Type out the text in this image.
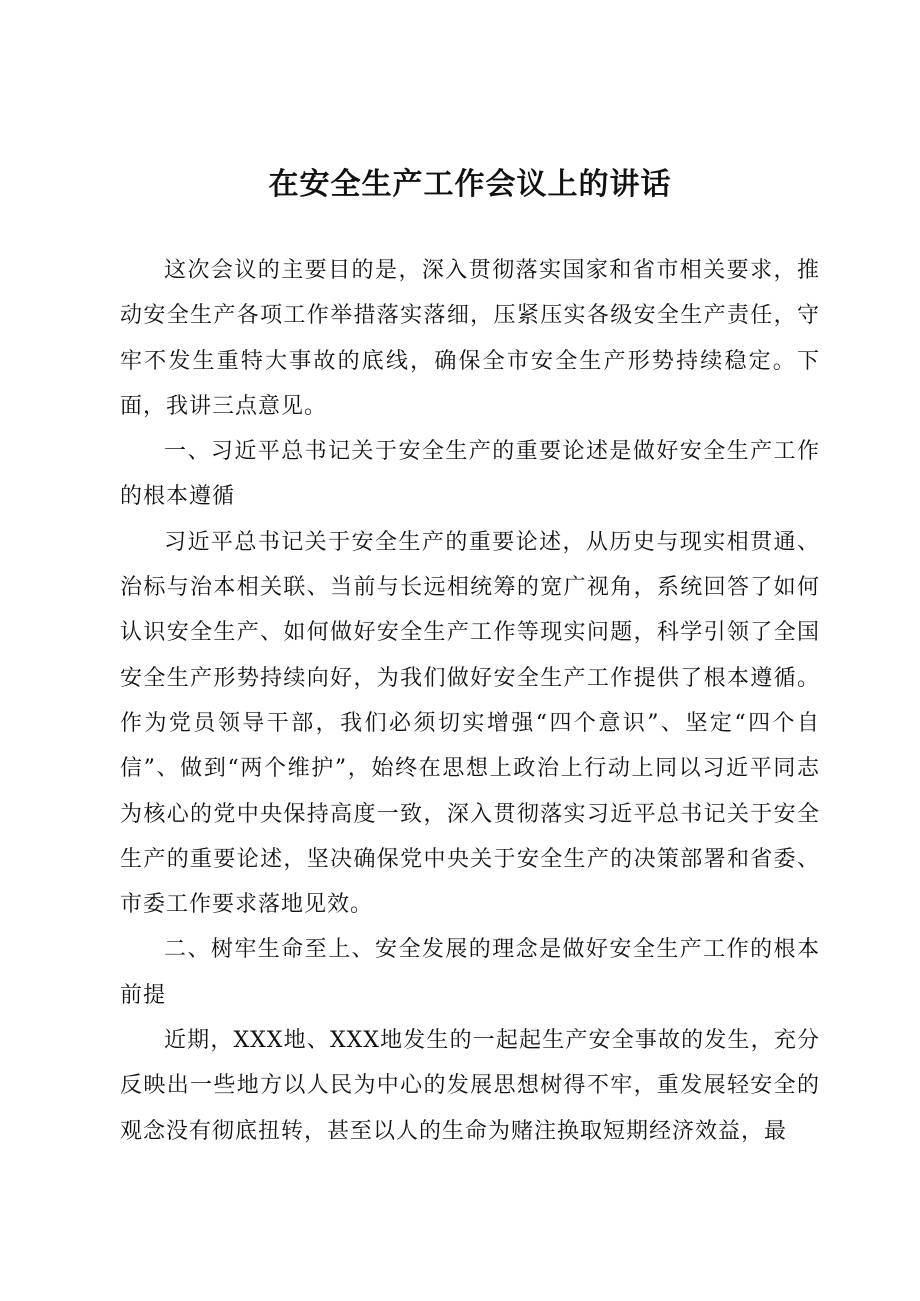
在安全生产工作会议上的讲话

这次会议的主要目的是，深入贯彻落实国家和省市相关要求，推动安全生产各项工作举措落实落细，压紧压实各级安全生产责任，守牢不发生重特大事故的底线，确保全市安全生产形势持续稳定。下面，我讲三点意见。

一、习近平总书记关于安全生产的重要论述是做好安全生产工作的根本遵循

习近平总书记关于安全生产的重要论述，从历史与现实相贯通、治标与治本相关联、当前与长远相统筹的宽广视角，系统回答了如何认识安全生产、如何做好安全生产工作等现实问题，科学引领了全国安全生产形势持续向好，为我们做好安全生产工作提供了根本遵循。作为党员领导干部，我们必须切实增强“四个意识”、坚定“四个自信”、做到“两个维护”，始终在思想上政治上行动上同以习近平同志为核心的党中央保持高度一致，深入贯彻落实习近平总书记关于安全生产的重要论述，坚决确保党中央关于安全生产的决策部署和省委、市委工作要求落地见效。

二、树牢生命至上、安全发展的理念是做好安全生产工作的根本前提

近期，XXX地、XXX地发生的一起起生产安全事故的发生，充分反映出一些地方以人民为中心的发展思想树得不牢，重发展轻安全的观念没有彻底扭转，甚至以人的生命为赌注换取短期经济效益，最
